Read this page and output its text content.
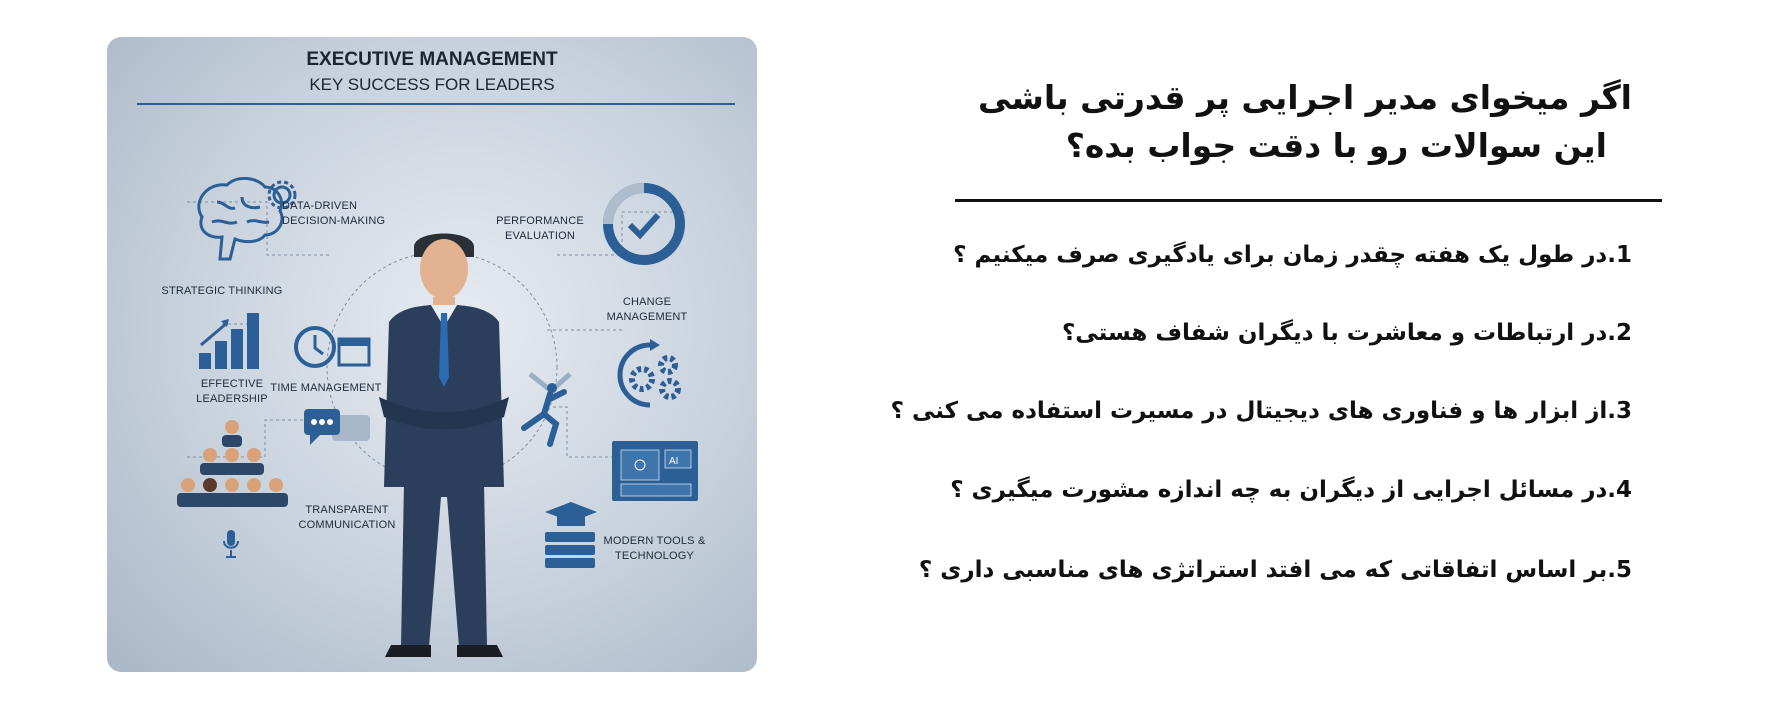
EXECUTIVE MANAGEMENT
KEY SUCCESS FOR LEADERS
DATA-DRIVEN DECISION-MAKING	PERFORMANCE EVALUATION
STRATEGIC THINKING
CHANGE MANAGEMENT
EFFECTIVE LEADERSHIP
TIME MANAGEMENT
TRANSPARENT COMMUNICATION
AI
MODERN TOOLS & TECHNOLOGY
اگر میخوای مدیر اجرایی پر قدرتی باشی
این سوالات رو با دقت جواب بده؟
1.در طول یک هفته چقدر زمان برای یادگیری صرف میکنیم ؟
2.در ارتباطات و معاشرت با دیگران شفاف هستی؟
3.از ابزار ها و فناوری های دیجیتال در مسیرت استفاده می کنی ؟
4.در مسائل اجرایی از دیگران به چه اندازه مشورت میگیری ؟
5.بر اساس اتفاقاتی که می افتد استراتژی های مناسبی داری ؟
